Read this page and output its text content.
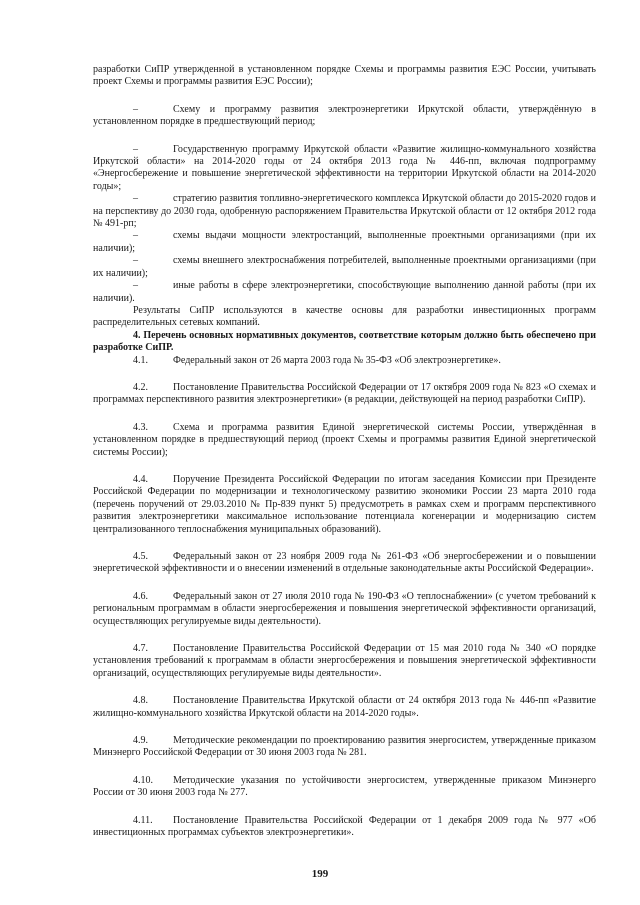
разработки СиПР утвержденной в установленном порядке Схемы и программы развития ЕЭС России, учитывать проект Схемы и программы развития ЕЭС России);

–	Схему и программу развития электроэнергетики Иркутской области, утверждённую в установленном порядке в предшествующий период;

–	Государственную программу Иркутской области «Развитие жилищно-коммунального хозяйства Иркутской области» на 2014-2020 годы от 24 октября 2013 года № 446-пп, включая подпрограмму «Энергосбережение и повышение энергетической эффективности на территории Иркутской области на 2014-2020 годы»;

–	стратегию развития топливно-энергетического комплекса Иркутской области до 2015-2020 годов и на перспективу до 2030 года, одобренную распоряжением Правительства Иркутской области от 12 октября 2012 года № 491-рп;

–	схемы выдачи мощности электростанций, выполненные проектными организациями (при их наличии);

–	схемы внешнего электроснабжения потребителей, выполненные проектными организациями (при их наличии);

–	иные работы в сфере электроэнергетики, способствующие выполнению данной работы (при их наличии).

Результаты СиПР используются в качестве основы для разработки инвестиционных программ распределительных сетевых компаний.

4. Перечень основных нормативных документов, соответствие которым должно быть обеспечено при разработке СиПР.

4.1.	Федеральный закон от 26 марта 2003 года № 35-ФЗ «Об электроэнергетике».

4.2.	Постановление Правительства Российской Федерации от 17 октября 2009 года № 823 «О схемах и программах перспективного развития электроэнергетики» (в редакции, действующей на период разработки СиПР).

4.3.	Схема и программа развития Единой энергетической системы России, утверждённая в установленном порядке в предшествующий период (проект Схемы и программы развития Единой энергетической системы России);

4.4.	Поручение Президента Российской Федерации по итогам заседания Комиссии при Президенте Российской Федерации по модернизации и технологическому развитию экономики России 23 марта 2010 года (перечень поручений от 29.03.2010 № Пр-839 пункт 5) предусмотреть в рамках схем и программ перспективного развития электроэнергетики максимальное использование потенциала когенерации и модернизацию систем централизованного теплоснабжения муниципальных образований).

4.5.	Федеральный закон от 23 ноября 2009 года № 261-ФЗ «Об энергосбережении и о повышении энергетической эффективности и о внесении изменений в отдельные законодательные акты Российской Федерации».

4.6.	Федеральный закон от 27 июля 2010 года № 190-ФЗ «О теплоснабжении» (с учетом требований к региональным программам в области энергосбережения и повышения энергетической эффективности организаций, осуществляющих регулируемые виды деятельности).

4.7.	Постановление Правительства Российской Федерации от 15 мая 2010 года № 340 «О порядке установления требований к программам в области энергосбережения и повышения энергетической эффективности организаций, осуществляющих регулируемые виды деятельности».

4.8.	Постановление Правительства Иркутской области от 24 октября 2013 года № 446-пп «Развитие жилищно-коммунального хозяйства Иркутской области на 2014-2020 годы».

4.9.	Методические рекомендации по проектированию развития энергосистем, утвержденные приказом Минэнерго Российской Федерации от 30 июня 2003 года № 281.

4.10. Методические указания по устойчивости энергосистем, утвержденные приказом Минэнерго России от 30 июня 2003 года № 277.

4.11. Постановление Правительства Российской Федерации от 1 декабря 2009 года № 977 «Об инвестиционных программах субъектов электроэнергетики».

199
